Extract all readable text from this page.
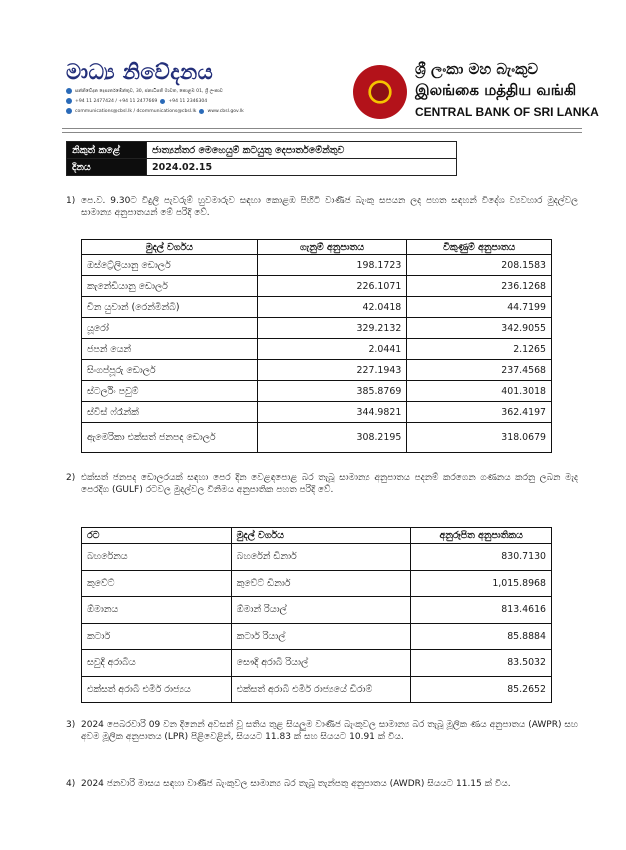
මාධ්‍ය නිවේදනය
සන්නිවේදන දෙපාර්තමේන්තුව, 30, ජනාධිපති මාවත, කොළඹ 01, ශ්‍රී ලංකාව
+94 11 2477424 / +94 11 2477669 +94 11 2346304
communications@cbsl.lk / dcommunications@cbsl.lk www.cbsl.gov.lk
ශ්‍රී ලංකා මහ බැංකුව
இலங்கை மத்திய வங்கி
CENTRAL BANK OF SRI LANKA
නිකුත් කළේ	ජාත්‍යන්තර මෙහෙයුම් කටයුතු දෙපාර්තමේන්තුව
දිනය	2024.02.15
1) පෙ.ව. 9.30ට විදුලි පැවරුම් හුවමාරුව සඳහා කොළඹ පිහිටි වාණිජ බැංකු සපයන ලද පහත සඳහන් විදේශ ව්‍යවහාර මුදල්වල සාමාන්‍ය අනුපාතයන් මේ පරිදි වේ.
මුදල් වර්ගය	ගැනුම් අනුපාතය	විකුණුම් අනුපාතය
ඔස්ට්‍රේලියානු ඩොලර්	198.1723	208.1583
කැනේඩියානු ඩොලර්	226.1071	236.1268
චීන යුවාන් (රෙන්මින්බි)	42.0418	44.7199
යූරෝ	329.2132	342.9055
ජපන් යෙන්	2.0441	2.1265
සිංගප්පූරු ඩොලර්	227.1943	237.4568
ස්ටර්ලිං පවුම්	385.8769	401.3018
ස්විස් ෆ්රෑන්ක්	344.9821	362.4197
ඇමෙරිකා එක්සත් ජනපද ඩොලර්	308.2195	318.0679
2) එක්සත් ජනපද ඩොලරයක් සඳහා පෙර දින වෙළඳපොළ බර තැබූ සාමාන්‍ය අනුපාතය පදනම් කරගෙන ගණනය කරනු ලබන මැද පෙරදිග (GULF) රටවල මුදල්වල විනිමය අනුපාතික පහත පරිදි වේ.
රට	මුදල් වර්ගය	අනුරූපිත අනුපාතිකය
බහරේනය	බහරේන් ඩිනාර්	830.7130
කුවේට්	කුවේට් ඩිනාර්	1,015.8968
ඕමානය	ඕමාන් රියාල්	813.4616
කටාර්	කටාර් රියාල්	85.8884
සවුදි අරාබිය	සෞදි අරාබි රියාල්	83.5032
එක්සත් අරාබි එමීර් රාජ්‍යය	එක්සත් අරාබි එමීර් රාජ්‍යයේ ඩිරාම්	85.2652
3) 2024 පෙබරවාරි 09 වන දිනෙන් අවසන් වූ සතිය තුළ සියලුම වාණිජ බැංකුවල සාමාන්‍ය බර තැබූ මූලික ණය අනුපාතය (AWPR) සහ අවම මූලික අනුපාතය (LPR) පිළිවෙළින්, සියයට 11.83 ක් සහ සියයට 10.91 ක් විය.
4) 2024 ජනවාරි මාසය සඳහා වාණිජ බැංකුවල සාමාන්‍ය බර තැබූ තැන්පතු අනුපාතය (AWDR) සියයට 11.15 ක් විය.
